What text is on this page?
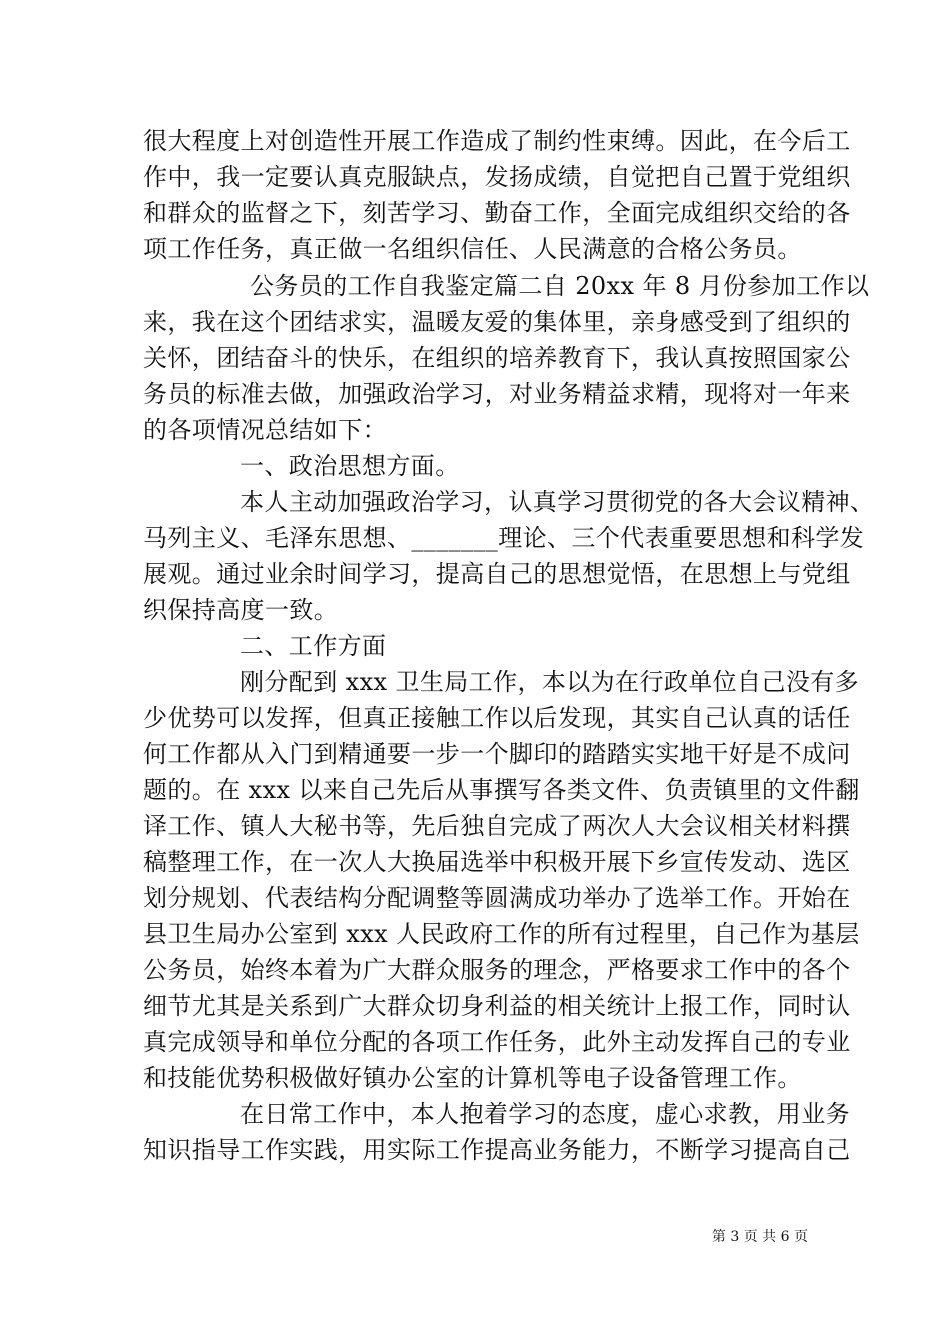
很大程度上对创造性开展工作造成了制约性束缚。因此，在今后工
作中，我一定要认真克服缺点，发扬成绩，自觉把自己置于党组织
和群众的监督之下，刻苦学习、勤奋工作，全面完成组织交给的各
项工作任务，真正做一名组织信任、人民满意的合格公务员。
公务员的工作自我鉴定篇二自 20xx 年 8 月份参加工作以
来，我在这个团结求实，温暖友爱的集体里，亲身感受到了组织的
关怀，团结奋斗的快乐，在组织的培养教育下，我认真按照国家公
务员的标准去做，加强政治学习，对业务精益求精，现将对一年来
的各项情况总结如下：
一、政治思想方面。
本人主动加强政治学习，认真学习贯彻党的各大会议精神、
马列主义、毛泽东思想、_______理论、三个代表重要思想和科学发
展观。通过业余时间学习，提高自己的思想觉悟，在思想上与党组
织保持高度一致。
二、工作方面
刚分配到 xxx 卫生局工作，本以为在行政单位自己没有多
少优势可以发挥，但真正接触工作以后发现，其实自己认真的话任
何工作都从入门到精通要一步一个脚印的踏踏实实地干好是不成问
题的。在 xxx 以来自己先后从事撰写各类文件、负责镇里的文件翻
译工作、镇人大秘书等，先后独自完成了两次人大会议相关材料撰
稿整理工作，在一次人大换届选举中积极开展下乡宣传发动、选区
划分规划、代表结构分配调整等圆满成功举办了选举工作。开始在
县卫生局办公室到 xxx 人民政府工作的所有过程里，自己作为基层
公务员，始终本着为广大群众服务的理念，严格要求工作中的各个
细节尤其是关系到广大群众切身利益的相关统计上报工作，同时认
真完成领导和单位分配的各项工作任务，此外主动发挥自己的专业
和技能优势积极做好镇办公室的计算机等电子设备管理工作。
在日常工作中，本人抱着学习的态度，虚心求教，用业务
知识指导工作实践，用实际工作提高业务能力，不断学习提高自己
第 3 页 共 6 页
